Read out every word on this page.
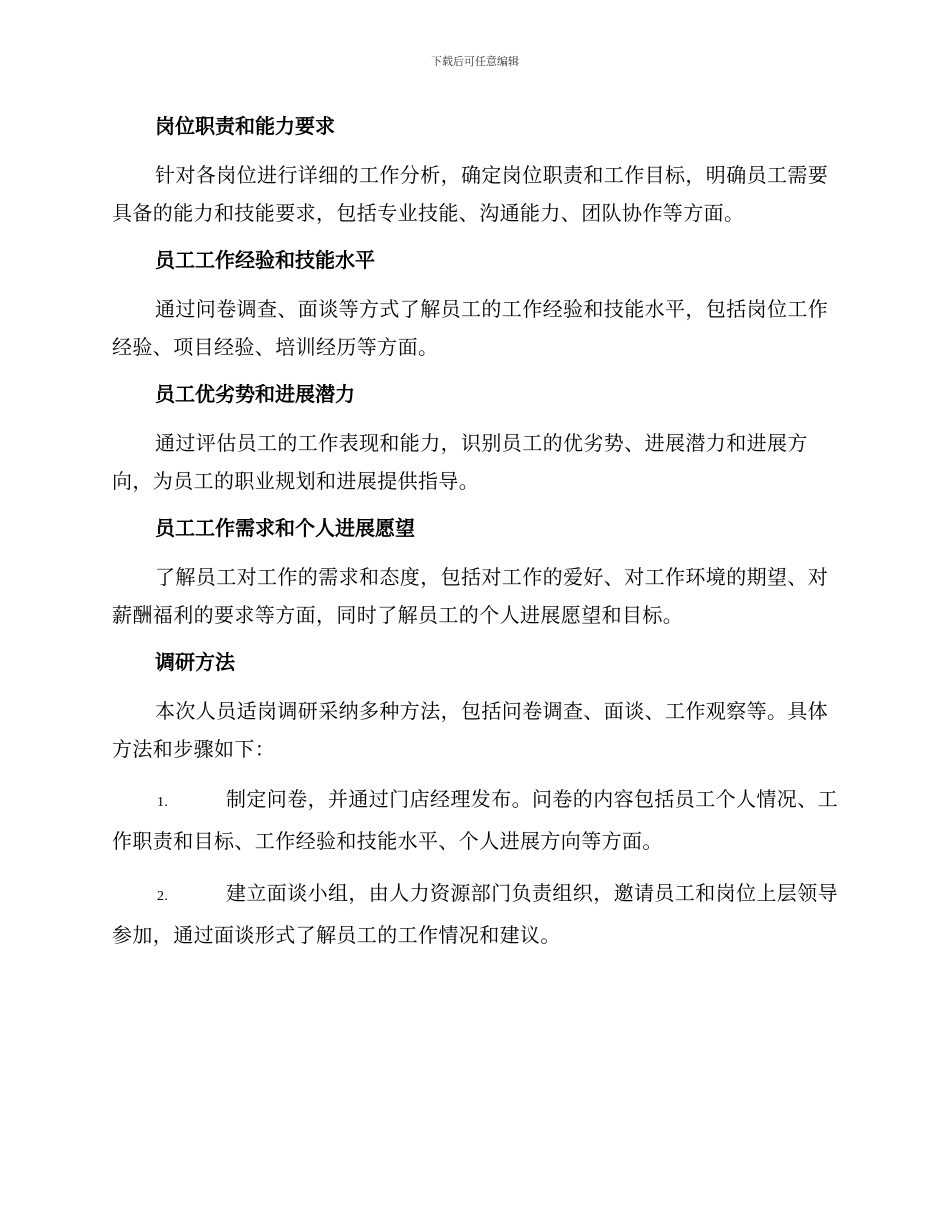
下载后可任意编辑
岗位职责和能力要求
针对各岗位进行详细的工作分析，确定岗位职责和工作目标，明确员工需要具备的能力和技能要求，包括专业技能、沟通能力、团队协作等方面。
员工工作经验和技能水平
通过问卷调查、面谈等方式了解员工的工作经验和技能水平，包括岗位工作经验、项目经验、培训经历等方面。
员工优劣势和进展潜力
通过评估员工的工作表现和能力，识别员工的优劣势、进展潜力和进展方向，为员工的职业规划和进展提供指导。
员工工作需求和个人进展愿望
了解员工对工作的需求和态度，包括对工作的爱好、对工作环境的期望、对薪酬福利的要求等方面，同时了解员工的个人进展愿望和目标。
调研方法
本次人员适岗调研采纳多种方法，包括问卷调查、面谈、工作观察等。具体方法和步骤如下：
1.	制定问卷，并通过门店经理发布。问卷的内容包括员工个人情况、工作职责和目标、工作经验和技能水平、个人进展方向等方面。
2.	建立面谈小组，由人力资源部门负责组织，邀请员工和岗位上层领导参加，通过面谈形式了解员工的工作情况和建议。
